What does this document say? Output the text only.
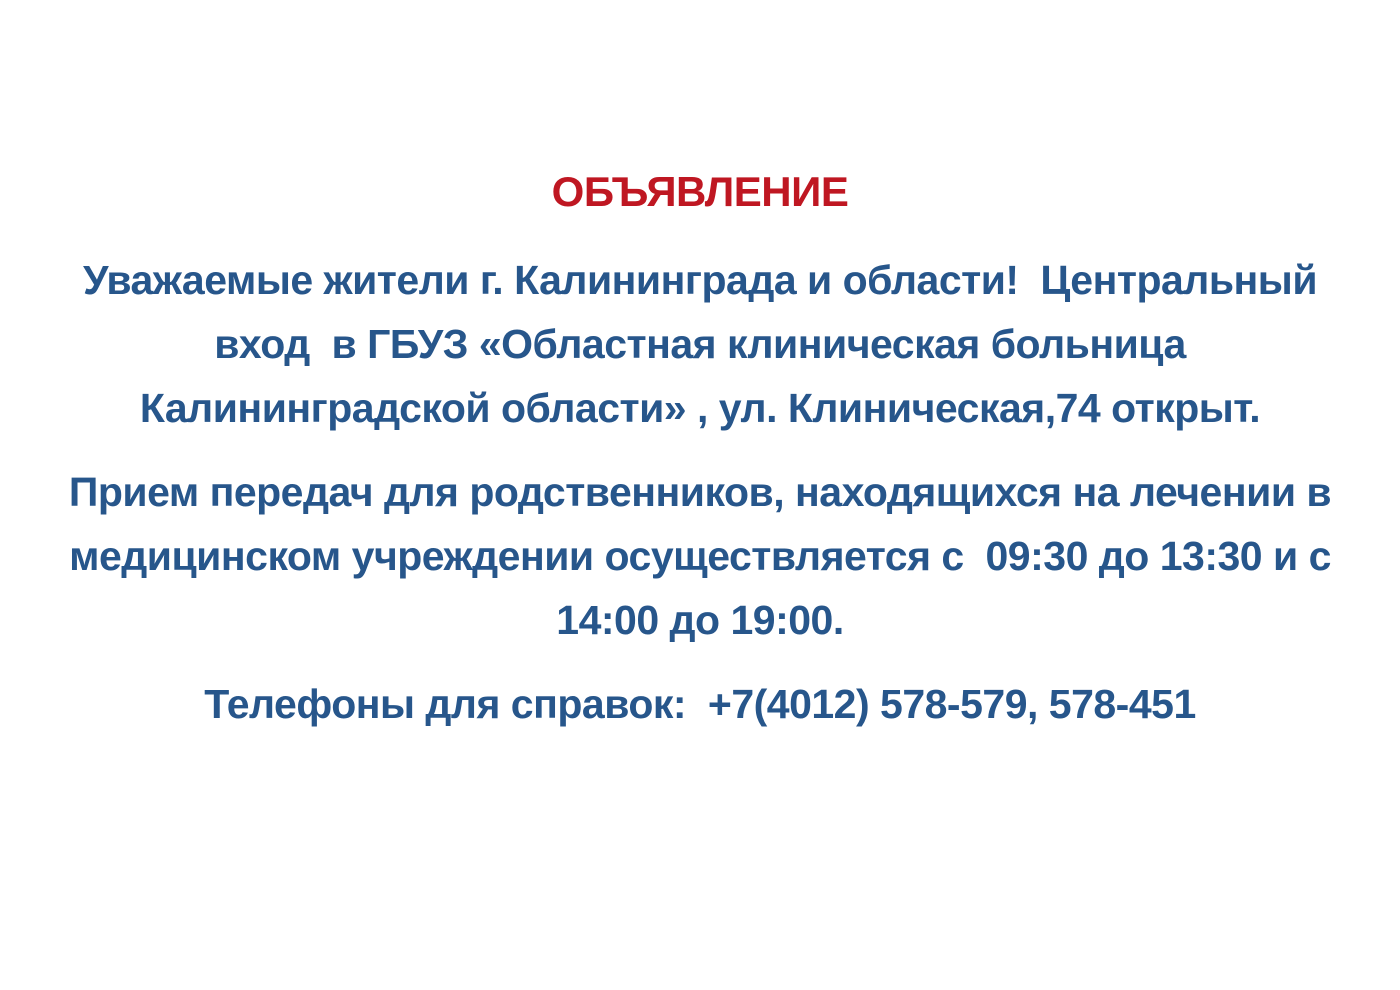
ОБЪЯВЛЕНИЕ

Уважаемые жители г. Калининграда и области!  Центральный
вход  в ГБУЗ «Областная клиническая больница
Калининградской области» , ул. Клиническая,74 открыт.

Прием передач для родственников, находящихся на лечении в
медицинском учреждении осуществляется с  09:30 до 13:30 и с
14:00 до 19:00.

Телефоны для справок:  +7(4012) 578-579, 578-451
